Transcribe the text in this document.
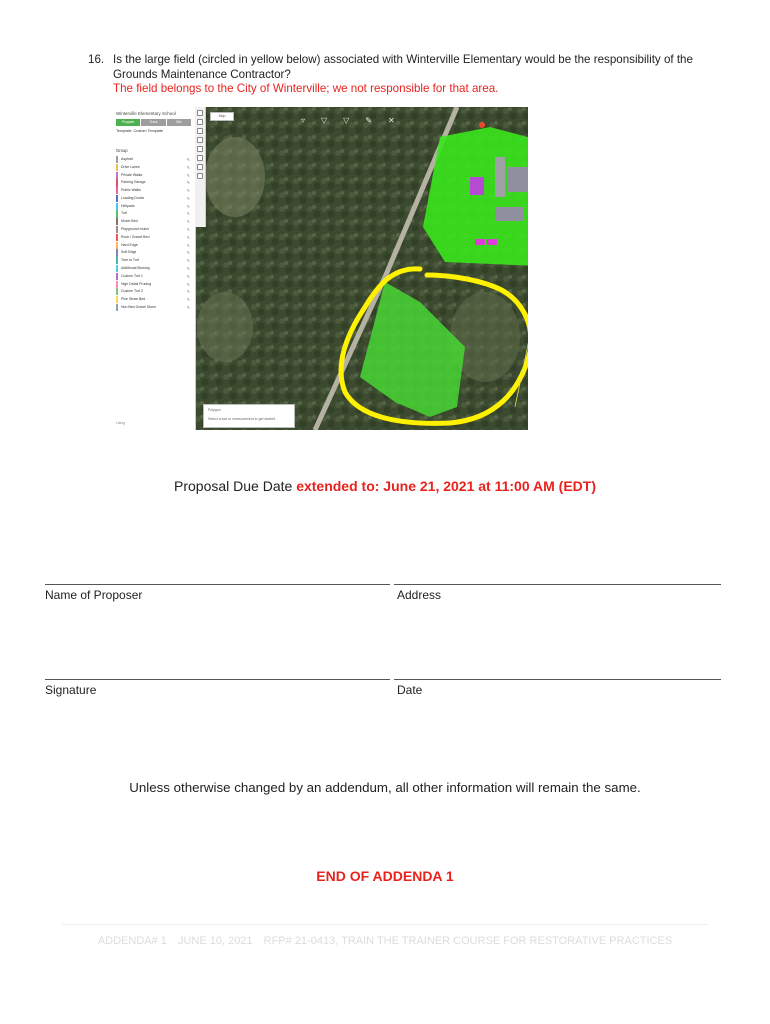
16. Is the large field (circled in yellow below) associated with Winterville Elementary would be the responsibility of the Grounds Maintenance Contractor?
The field belongs to the City of Winterville; we not responsible for that area.
Winterville Elementary School
Program	Track	Site
Template: Custom Template
Group
Asphalt	✎
Drive Lanes	✎
Private Walks	✎
Parking Garage	✎
Public Walks	✎
Loading Docks	✎
Helipads	✎
Turf	✎
Mulch Bed	✎
Playground mulch	✎
Rock / Gravel Bed	✎
Hard Edge	✎
Soft Edge	✎
Tree to Turf	✎
Additional Blowing	✎
Custom Turf 1	✎
High Detail Pruning	✎
Custom Turf 2	✎
Pine Straw Bed	✎
Non Bed Gravel Stone	✎
Using
Map	▿▽▽✎✕
Polygon
Select a tool or measurement to get started
Proposal Due Date extended to: June 21, 2021 at 11:00 AM (EDT)
Name of Proposer	Address
Signature	Date
Unless otherwise changed by an addendum, all other information will remain the same.
END OF ADDENDA 1
ADDENDA# 1 JUNE 10, 2021 RFP# 21-0413, TRAIN THE TRAINER COURSE FOR RESTORATIVE PRACTICES
